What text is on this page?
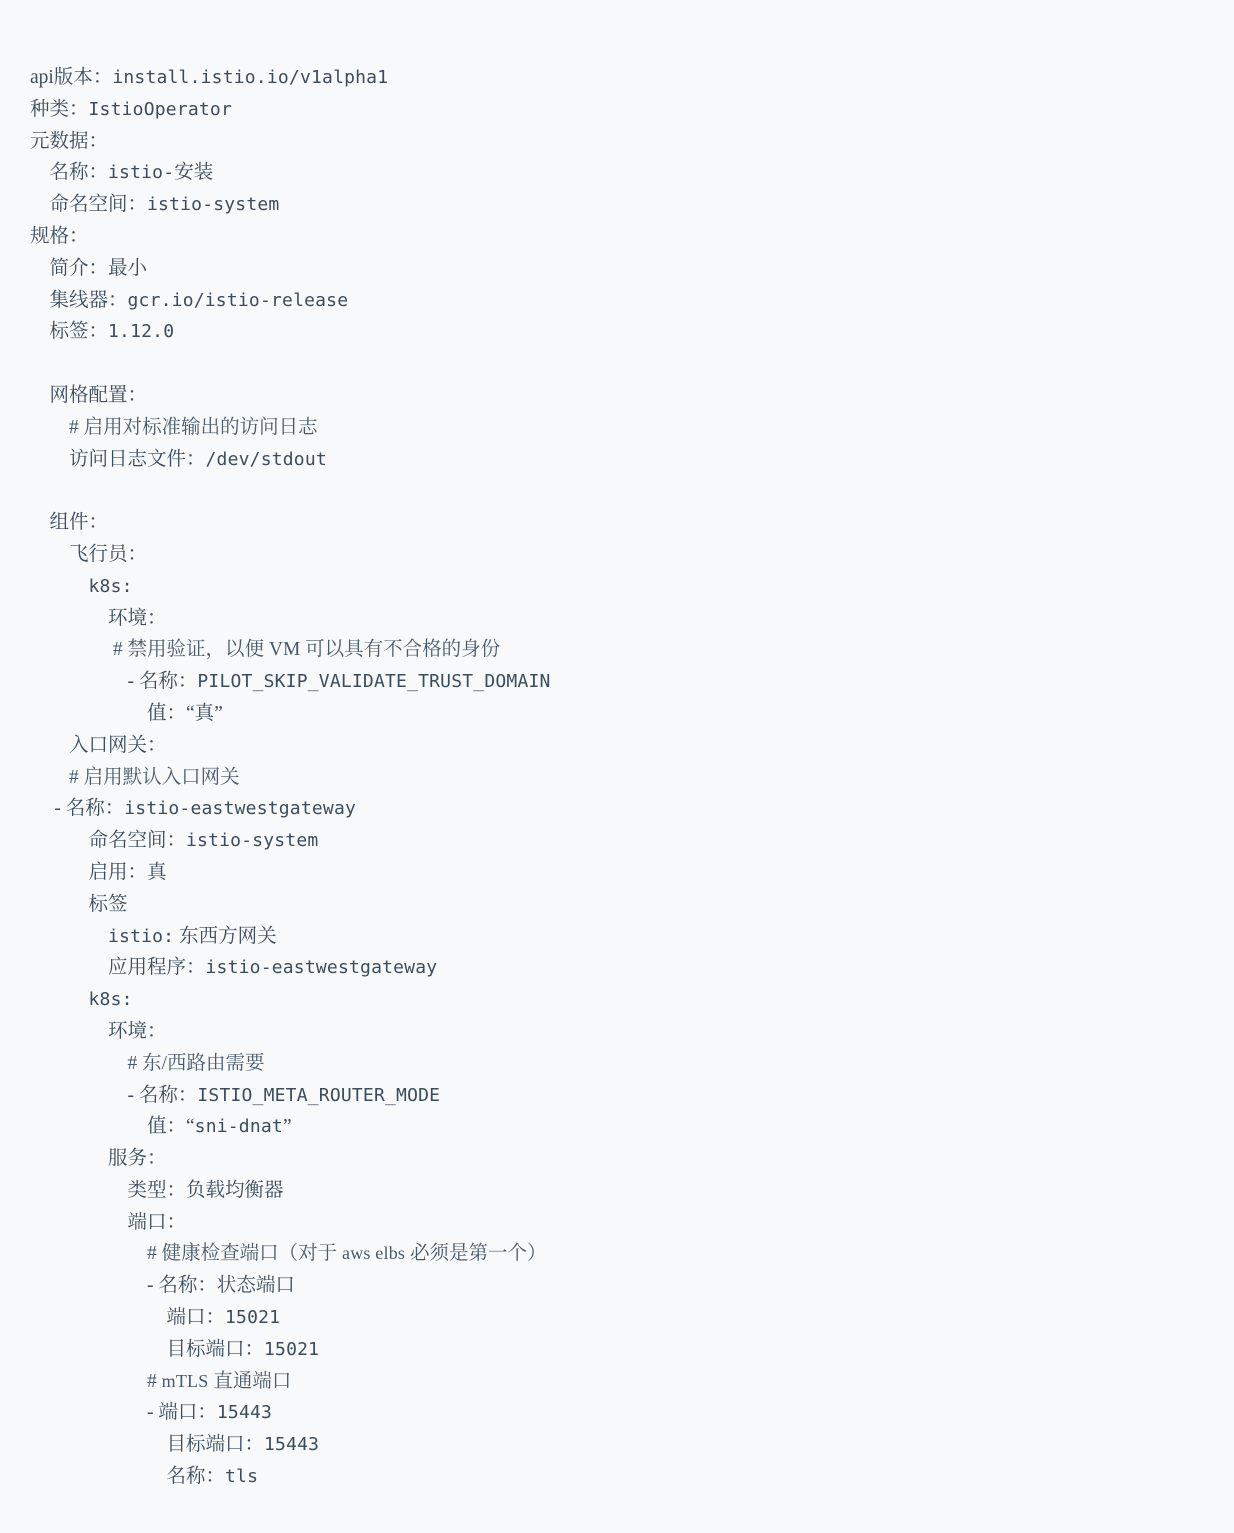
api版本：install.istio.io/v1alpha1
种类：IstioOperator
元数据：
名称：istio-安装
命名空间：istio-system
规格：
简介：最小
集线器：gcr.io/istio-release
标签：1.12.0
网格配置：
# 启用对标准输出的访问日志
访问日志文件：/dev/stdout
组件：
飞行员：
k8s:
环境：
# 禁用验证，以便 VM 可以具有不合格的身份
- 名称：PILOT_SKIP_VALIDATE_TRUST_DOMAIN
值：“真”
入口网关：
# 启用默认入口网关
- 名称：istio-eastwestgateway
命名空间：istio-system
启用：真
标签
istio: 东西方网关
应用程序：istio-eastwestgateway
k8s:
环境：
# 东/西路由需要
- 名称：ISTIO_META_ROUTER_MODE
值：“sni-dnat”
服务：
类型：负载均衡器
端口：
# 健康检查端口（对于 aws elbs 必须是第一个）
- 名称：状态端口
端口：15021
目标端口：15021
# mTLS 直通端口
- 端口：15443
目标端口：15443
名称：tls
